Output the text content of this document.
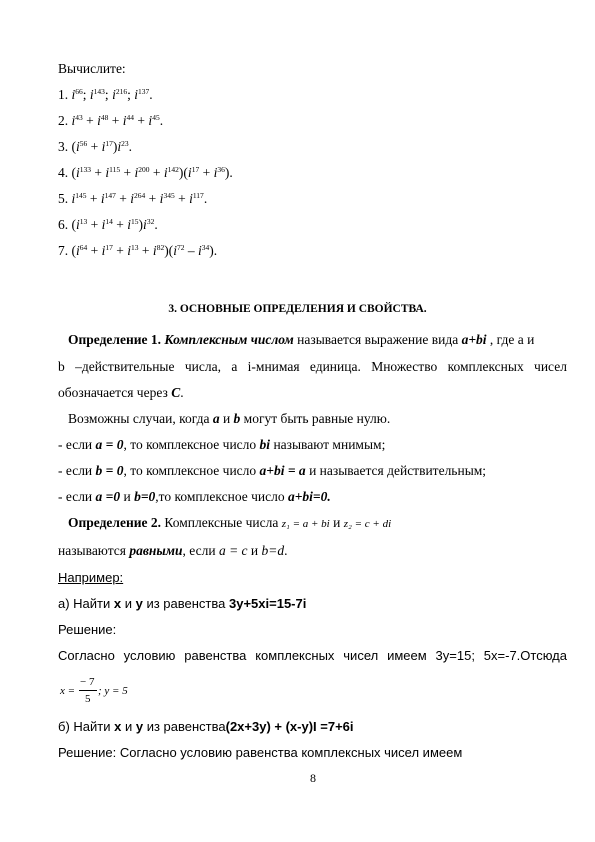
Вычислите:
1. $i^{66}$; $i^{143}$; $i^{216}$; $i^{137}$.
2. $i^{43} + i^{48} + i^{44} + i^{45}$.
3. $(i^{56} + i^{17})i^{23}$.
4. $(i^{133} + i^{115} + i^{200} + i^{142})(i^{17} + i^{36})$.
5. $i^{145} + i^{147} + i^{264} + i^{345} + i^{117}$.
6. $(i^{13} + i^{14} + i^{15})i^{32}$.
7. $(i^{64} + i^{17} + i^{13} + i^{82})(i^{72} - i^{34})$.
3. ОСНОВНЫЕ ОПРЕДЕЛЕНИЯ И СВОЙСТВА.
Определение 1. Комплексным числом называется выражение вида a+bi , где а и
b –действительные числа, а i-мнимая единица. Множество комплексных чисел
обозначается через C.
Возможны случаи, когда a и b могут быть равные нулю.
- если a = 0, то комплексное число bi называют мнимым;
- если b = 0, то комплексное число a+bi = a и называется действительным;
- если a =0 и b=0,то комплексное число a+bi=0.
Определение 2. Комплексные числа z₁ = a + bi и z₂ = c + di
называются равными, если a = c и b=d.
Например:
а) Найти x и y из равенства 3y+5xi=15-7i
Решение:
Согласно условию равенства комплексных чисел имеем 3у=15; 5х=-7.Отсюда
x =
− 7
5
; y = 5
б) Найти x и y из равенства(2x+3y) + (x-y)I =7+6i
Решение: Согласно условию равенства комплексных чисел имеем
8
